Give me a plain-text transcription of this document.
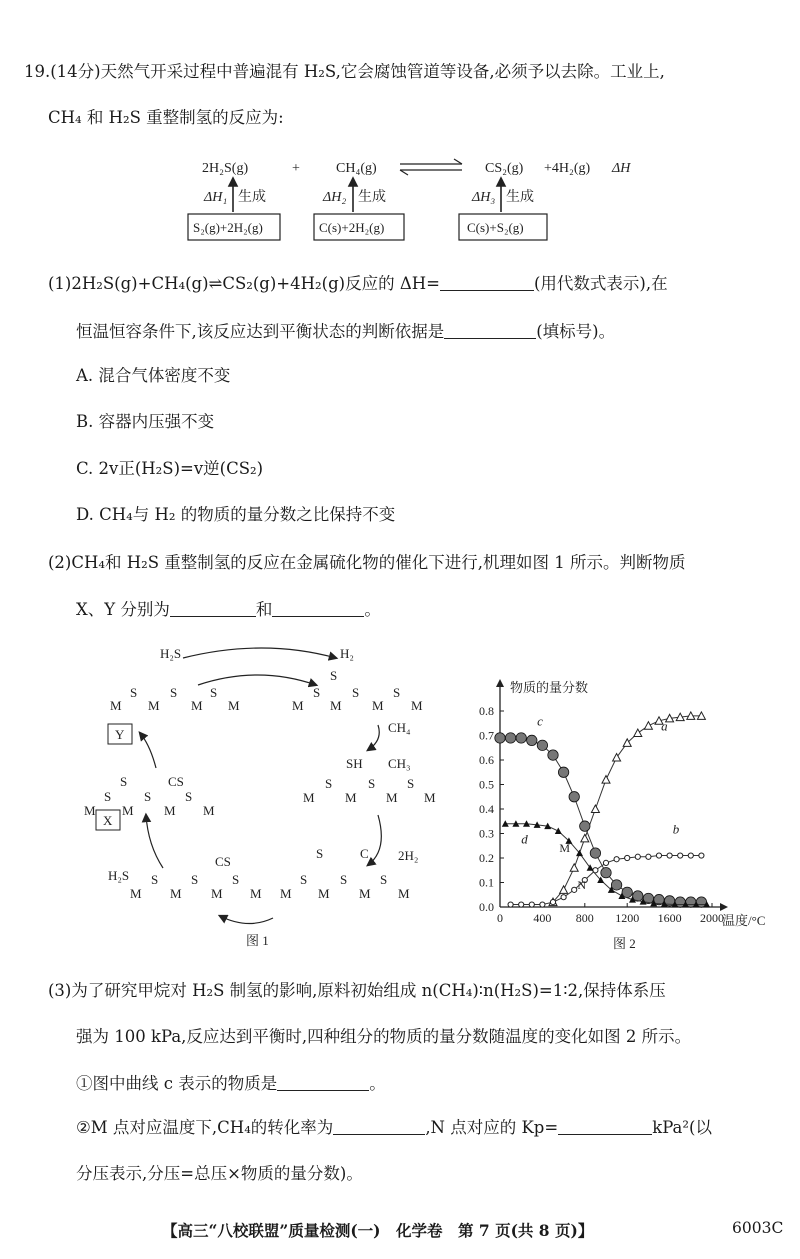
19.(14分)天然气开采过程中普遍混有 H₂S,它会腐蚀管道等设备,必须予以去除。工业上,
CH₄ 和 H₂S 重整制氢的反应为:
2H₂S(g)	+	CH₄(g)	CS₂(g) +4H₂(g) ΔH
ΔH₁ 生成	ΔH₂ 生成	ΔH₃ 生成
S₂(g)+2H₂(g)	C(s)+2H₂(g)	C(s)+S₂(g)
(1)2H₂S(g)+CH₄(g)⇌CS₂(g)+4H₂(g)反应的 ΔH=	(用代数式表示),在
恒温恒容条件下,该反应达到平衡状态的判断依据是	(填标号)。
A. 混合气体密度不变
B. 容器内压强不变
C. 2v正(H₂S)=v逆(CS₂)
D. CH₄与 H₂ 的物质的量分数之比保持不变
(2)CH₄和 H₂S 重整制氢的反应在金属硫化物的催化下进行,机理如图 1 所示。判断物质
X、Y 分别为	和	。
H₂S	H₂
M
S
M
S
M
S
M	M
S
M
S
M
S
M
S
CH₄
SH CH₃
M
S
M
S
M
S
M
2H₂
S	C
M
S
M
S
M
S
M
CS
M
S
M
S
M
S
M
H₂S
S	CS
M
S
M
S
M
S
M
Y
X
图 1
物质的量分数
温度/°C
图 2
0.0
0.1
0.2
0.3
0.4
0.5
0.6
0.7
0.8
0	400 800 1200 1600 2000
a
b
c
d
M
N
(3)为了研究甲烷对 H₂S 制氢的影响,原料初始组成 n(CH₄)∶n(H₂S)=1∶2,保持体系压
强为 100 kPa,反应达到平衡时,四种组分的物质的量分数随温度的变化如图 2 所示。
①图中曲线 c 表示的物质是	。
②M 点对应温度下,CH₄的转化率为	,N 点对应的 Kp=	kPa²(以
分压表示,分压=总压×物质的量分数)。
【高三“八校联盟”质量检测(一)　化学卷　第 7 页(共 8 页)】	6003C
